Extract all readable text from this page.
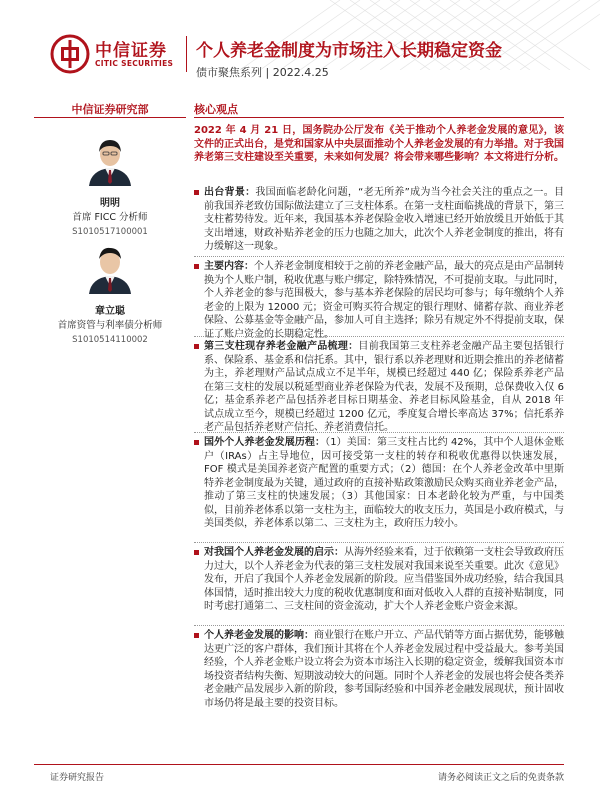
中信证券
CITIC SECURITIES
个人养老金制度为市场注入长期稳定资金
债市聚焦系列 | 2022.4.25
中信证券研究部	核心观点
明明
首席 FICC 分析师
S1010517100001
章立聪
首席资管与利率债分析师
S1010514110002
2022 年 4 月 21 日，国务院办公厅发布《关于推动个人养老金发展的意见》，该文件的正式出台，是党和国家从中央层面推动个人养老金发展的有力举措。对于我国养老第三支柱建设至关重要，未来如何发展？将会带来哪些影响？本文将进行分析。
出台背景：我国面临老龄化问题，“老无所养”成为当今社会关注的重点之一。目前我国养老致仿国际做法建立了三支柱体系。在第一支柱面临挑战的背景下，第三支柱蓄势待发。近年来，我国基本养老保险金收入增速已经开始放缓且开始低于其支出增速，财政补贴养老金的压力也随之加大，此次个人养老金制度的推出，将有力缓解这一现象。
主要内容：个人养老金制度相较于之前的养老金融产品，最大的亮点是由产品制转换为个人账户制，税收优惠与账户绑定，除特殊情况，不可提前支取。与此同时，个人养老金的参与范围极大，参与基本养老保险的居民均可参与；每年缴纳个人养老金的上限为 12000 元；资金可购买符合规定的银行理财、储蓄存款、商业养老保险、公募基金等金融产品，参加人可自主选择；除另有规定外不得提前支取，保证了账户资金的长期稳定性。
第三支柱现存养老金融产品梳理：目前我国第三支柱养老金融产品主要包括银行系、保险系、基金系和信托系。其中，银行系以养老理财和近期会推出的养老储蓄为主，养老理财产品试点成立不足半年，规模已经超过 440 亿；保险系养老产品在第三支柱的发展以税延型商业养老保险为代表，发展不及预期，总保费收入仅 6 亿；基金系养老产品包括养老目标日期基金、养老目标风险基金，自从 2018 年试点成立至今，规模已经超过 1200 亿元，季度复合增长率高达 37%；信托系养老产品包括养老财产信托、养老消费信托。
国外个人养老金发展历程：（1）美国：第三支柱占比约 42%，其中个人退休金账户（IRAs）占主导地位，因可接受第一支柱的转存和税收优惠得以快速发展，FOF 模式是美国养老资产配置的重要方式；（2）德国：在个人养老金改革中里斯特养老金制度最为关键，通过政府的直接补贴政策激励民众购买商业养老金产品，推动了第三支柱的快速发展；（3）其他国家：日本老龄化较为严重，与中国类似，目前养老体系以第一支柱为主，面临较大的收支压力，英国是小政府模式，与美国类似，养老体系以第二、三支柱为主，政府压力较小。
对我国个人养老金发展的启示：从海外经验来看，过于依赖第一支柱会导致政府压力过大，以个人养老金为代表的第三支柱发展对我国来说至关重要。此次《意见》发布，开启了我国个人养老金发展新的阶段。应当借鉴国外成功经验，结合我国具体国情，适时推出较大力度的税收优惠制度和面对低收入人群的直接补贴制度，同时考虑打通第二、三支柱间的资金流动，扩大个人养老金账户资金来源。
个人养老金发展的影响：商业银行在账户开立、产品代销等方面占据优势，能够触达更广泛的客户群体，我们预计其将在个人养老金发展过程中受益最大。参考美国经验，个人养老金账户设立将会为资本市场注入长期的稳定资金，缓解我国资本市场投资者结构失衡、短期波动较大的问题。同时个人养老金的发展也将会使各类养老金融产品发展步入新的阶段，参考国际经验和中国养老金融发展现状，预计固收市场仍将是最主要的投资目标。
证券研究报告	请务必阅读正文之后的免责条款
